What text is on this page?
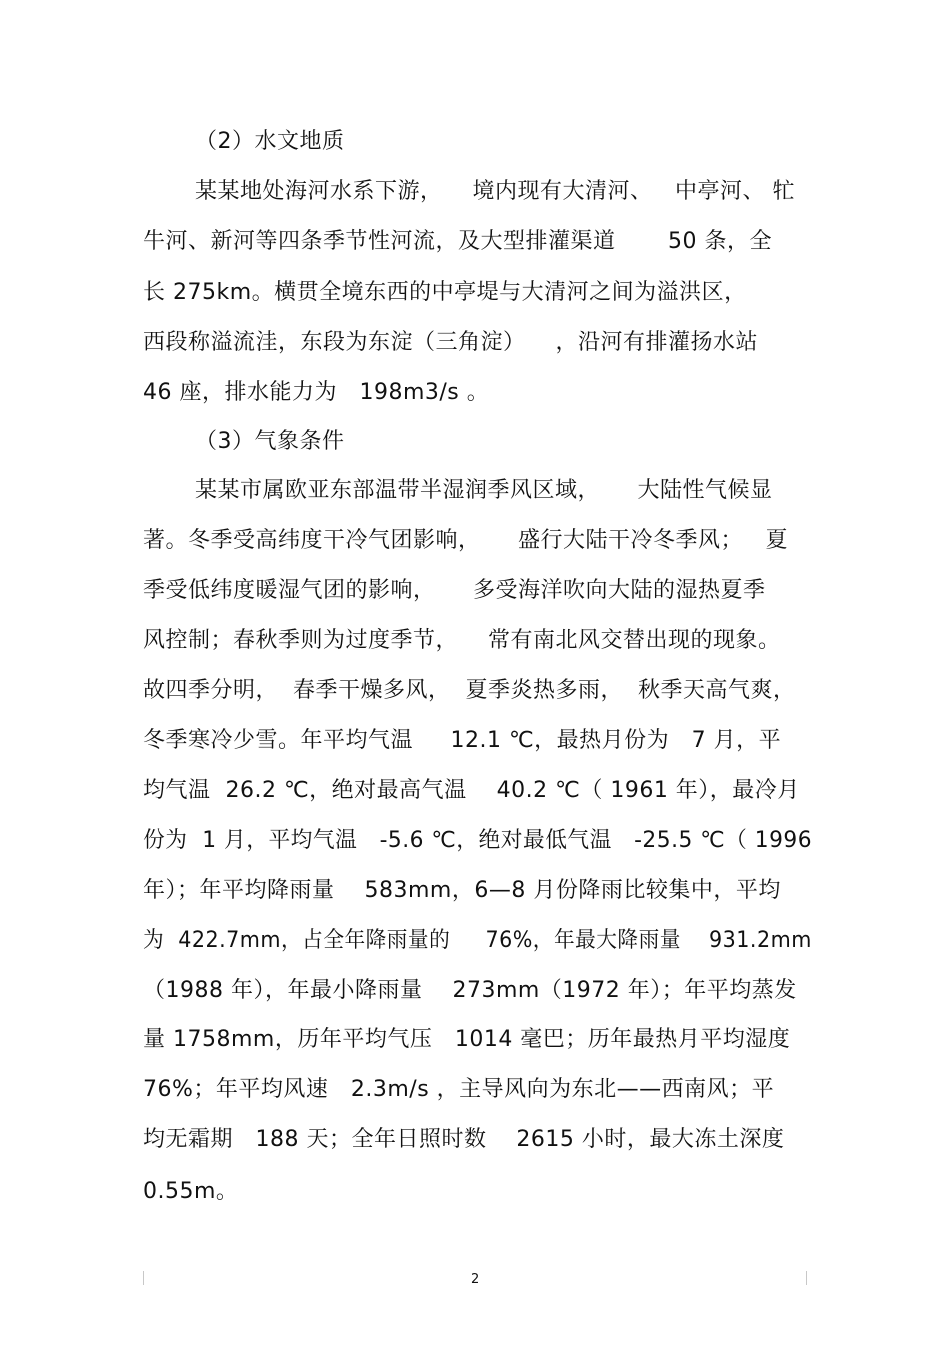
（2）水文地质
某某地处海河水系下游，    境内现有大清河、   中亭河、 牤
牛河、新河等四条季节性河流，及大型排灌渠道       50 条，全
长 275km。横贯全境东西的中亭堤与大清河之间为溢洪区，
西段称溢流洼，东段为东淀（三角淀）    ，沿河有排灌扬水站
46 座，排水能力为   198m3/s 。
（3）气象条件
某某市属欧亚东部温带半湿润季风区域，     大陆性气候显
著。冬季受高纬度干冷气团影响，     盛行大陆干冷冬季风；   夏
季受低纬度暖湿气团的影响，     多受海洋吹向大陆的湿热夏季
风控制；春秋季则为过度季节，    常有南北风交替出现的现象。
故四季分明，  春季干燥多风，  夏季炎热多雨，  秋季天高气爽，
冬季寒冷少雪。年平均气温     12.1 ℃，最热月份为   7 月，平
均气温  26.2 ℃，绝对最高气温    40.2 ℃（ 1961 年），最冷月
份为  1 月，平均气温   -5.6 ℃，绝对最低气温   -25.5 ℃（ 1996
年）；年平均降雨量    583mm，6—8 月份降雨比较集中，平均
为  422.7mm，占全年降雨量的     76%，年最大降雨量    931.2mm
（1988 年），年最小降雨量    273mm（1972 年）；年平均蒸发
量 1758mm，历年平均气压   1014 毫巴；历年最热月平均湿度
76%；年平均风速   2.3m/s ，主导风向为东北——西南风；平
均无霜期   188 天；全年日照时数    2615 小时，最大冻土深度
0.55m。
2
